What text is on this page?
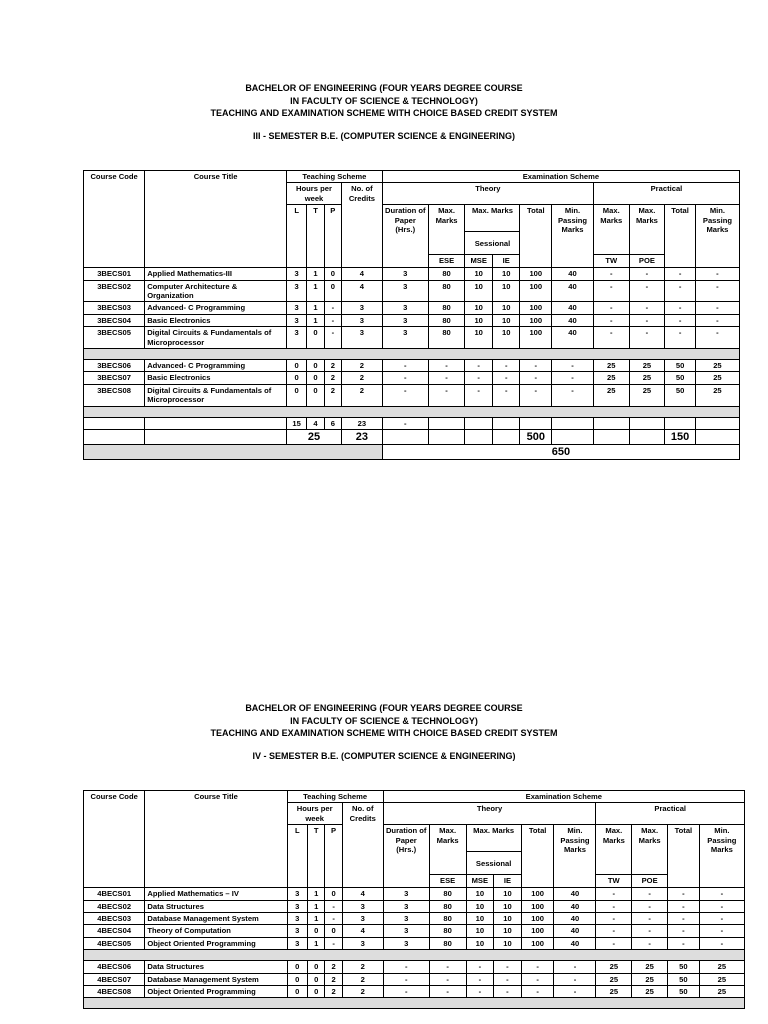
BACHELOR OF ENGINEERING (FOUR YEARS DEGREE COURSE
IN FACULTY OF SCIENCE & TECHNOLOGY)
TEACHING AND EXAMINATION SCHEME WITH CHOICE BASED CREDIT SYSTEM
III - SEMESTER B.E. (COMPUTER SCIENCE & ENGINEERING)
Course Code	Course Title	Teaching Scheme				Examination Scheme									
		Hours per week			No. of Credits	Theory						Practical			
		L	T	P		Duration of Paper (Hrs.)	Max. Marks	Max. Marks		Total	Min. Passing Marks	Max. Marks	Max. Marks	Total	Min. Passing Marks
								Sessional							
							ESE	MSE	IE			TW	POE		
3BECS01	Applied Mathematics-III	3	1	0	4	3	80	10	10	100	40	-	-	-	-
3BECS02	Computer Architecture & Organization	3	1	0	4	3	80	10	10	100	40	-	-	-	-
3BECS03	Advanced- C Programming	3	1	-	3	3	80	10	10	100	40	-	-	-	-
3BECS04	Basic Electronics	3	1	-	3	3	80	10	10	100	40	-	-	-	-
3BECS05	Digital Circuits & Fundamentals of Microprocessor	3	0	-	3	3	80	10	10	100	40	-	-	-	-

3BECS06	Advanced- C Programming	0	0	2	2	-	-	-	-	-	-	25	25	50	25
3BECS07	Basic Electronics	0	0	2	2	-	-	-	-	-	-	25	25	50	25
3BECS08	Digital Circuits & Fundamentals of Microprocessor	0	0	2	2	-	-	-	-	-	-	25	25	50	25

		15	4	6	23	-									
		25			23					500				150	
						650									
BACHELOR OF ENGINEERING (FOUR YEARS DEGREE COURSE
IN FACULTY OF SCIENCE & TECHNOLOGY)
TEACHING AND EXAMINATION SCHEME WITH CHOICE BASED CREDIT SYSTEM
IV - SEMESTER B.E. (COMPUTER SCIENCE & ENGINEERING)
Course Code	Course Title	Teaching Scheme				Examination Scheme									
		Hours per week			No. of Credits	Theory						Practical			
		L	T	P		Duration of Paper (Hrs.)	Max. Marks	Max. Marks		Total	Min. Passing Marks	Max. Marks	Max. Marks	Total	Min. Passing Marks
								Sessional							
							ESE	MSE	IE			TW	POE		
4BECS01	Applied Mathematics – IV	3	1	0	4	3	80	10	10	100	40	-	-	-	-
4BECS02	Data Structures	3	1	-	3	3	80	10	10	100	40	-	-	-	-
4BECS03	Database Management System	3	1	-	3	3	80	10	10	100	40	-	-	-	-
4BECS04	Theory of Computation	3	0	0	4	3	80	10	10	100	40	-	-	-	-
4BECS05	Object Oriented Programming	3	1	-	3	3	80	10	10	100	40	-	-	-	-

4BECS06	Data Structures	0	0	2	2	-	-	-	-	-	-	25	25	50	25
4BECS07	Database Management System	0	0	2	2	-	-	-	-	-	-	25	25	50	25
4BECS08	Object Oriented Programming	0	0	2	2	-	-	-	-	-	-	25	25	50	25
